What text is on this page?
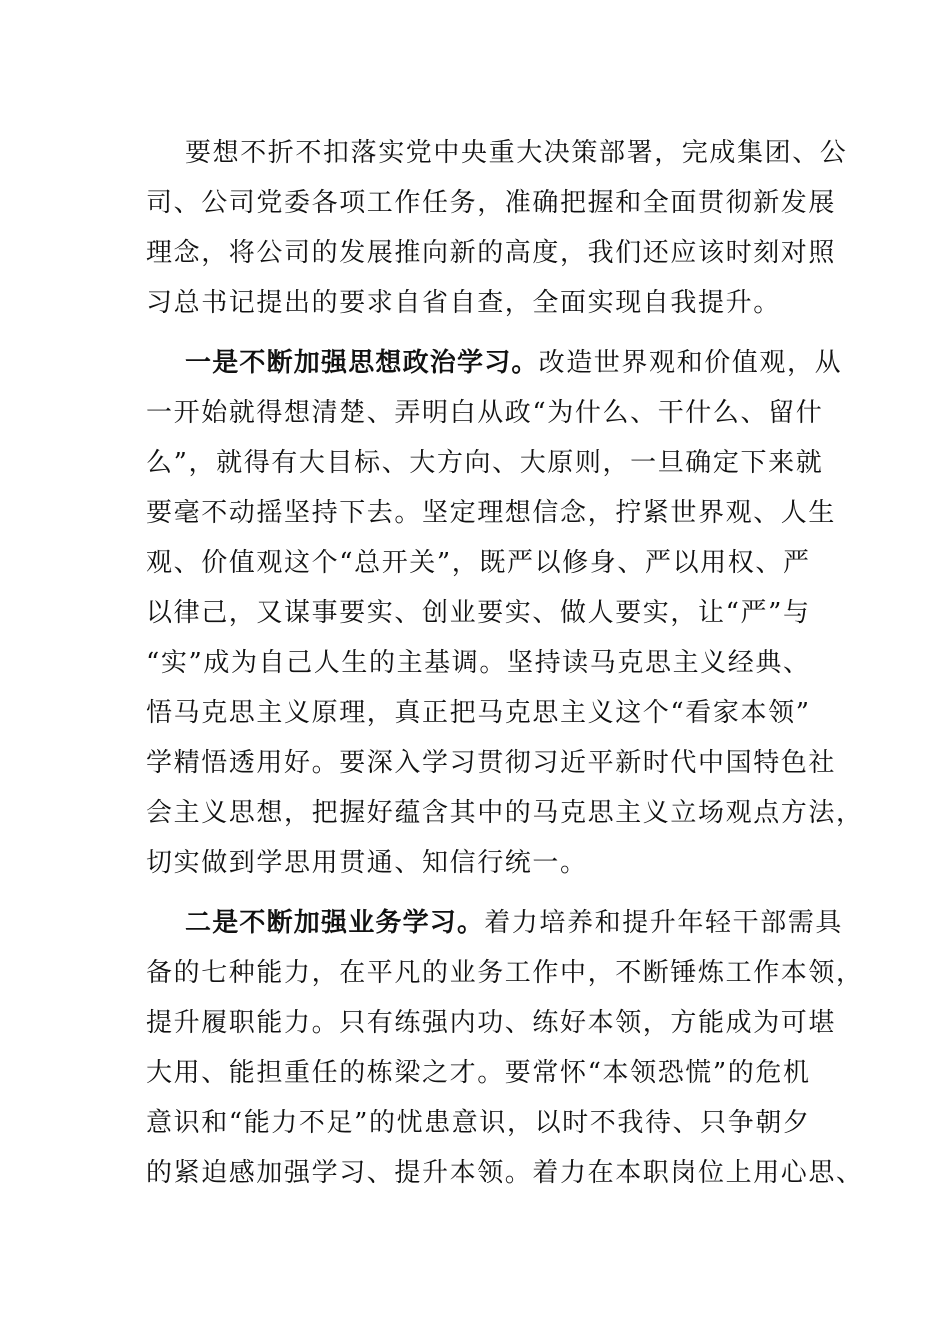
要想不折不扣落实党中央重大决策部署，完成集团、公
司、公司党委各项工作任务，准确把握和全面贯彻新发展
理念，将公司的发展推向新的高度，我们还应该时刻对照
习总书记提出的要求自省自查，全面实现自我提升。
一是不断加强思想政治学习。改造世界观和价值观，从
一开始就得想清楚、弄明白从政“为什么、干什么、留什
么”，就得有大目标、大方向、大原则，一旦确定下来就
要毫不动摇坚持下去。坚定理想信念，拧紧世界观、人生
观、价值观这个“总开关”，既严以修身、严以用权、严
以律己，又谋事要实、创业要实、做人要实，让“严”与
“实”成为自己人生的主基调。坚持读马克思主义经典、
悟马克思主义原理，真正把马克思主义这个“看家本领”
学精悟透用好。要深入学习贯彻习近平新时代中国特色社
会主义思想，把握好蕴含其中的马克思主义立场观点方法，
切实做到学思用贯通、知信行统一。
二是不断加强业务学习。着力培养和提升年轻干部需具
备的七种能力，在平凡的业务工作中，不断锤炼工作本领，
提升履职能力。只有练强内功、练好本领，方能成为可堪
大用、能担重任的栋梁之才。要常怀“本领恐慌”的危机
意识和“能力不足”的忧患意识，以时不我待、只争朝夕
的紧迫感加强学习、提升本领。着力在本职岗位上用心思、
